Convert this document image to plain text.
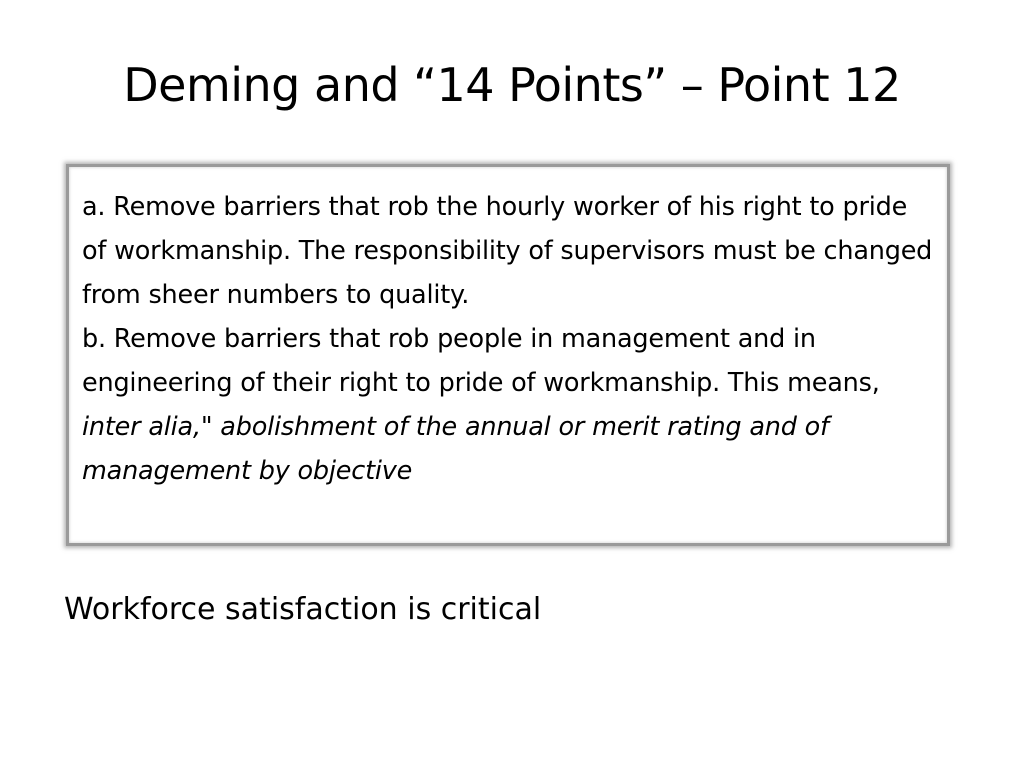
Deming and “14 Points” – Point 12

a. Remove barriers that rob the hourly worker of his right to pride of workmanship. The responsibility of supervisors must be changed from sheer numbers to quality.

b. Remove barriers that rob people in management and in engineering of their right to pride of workmanship. This means, inter alia," abolishment of the annual or merit rating and of management by objective

Workforce satisfaction is critical
